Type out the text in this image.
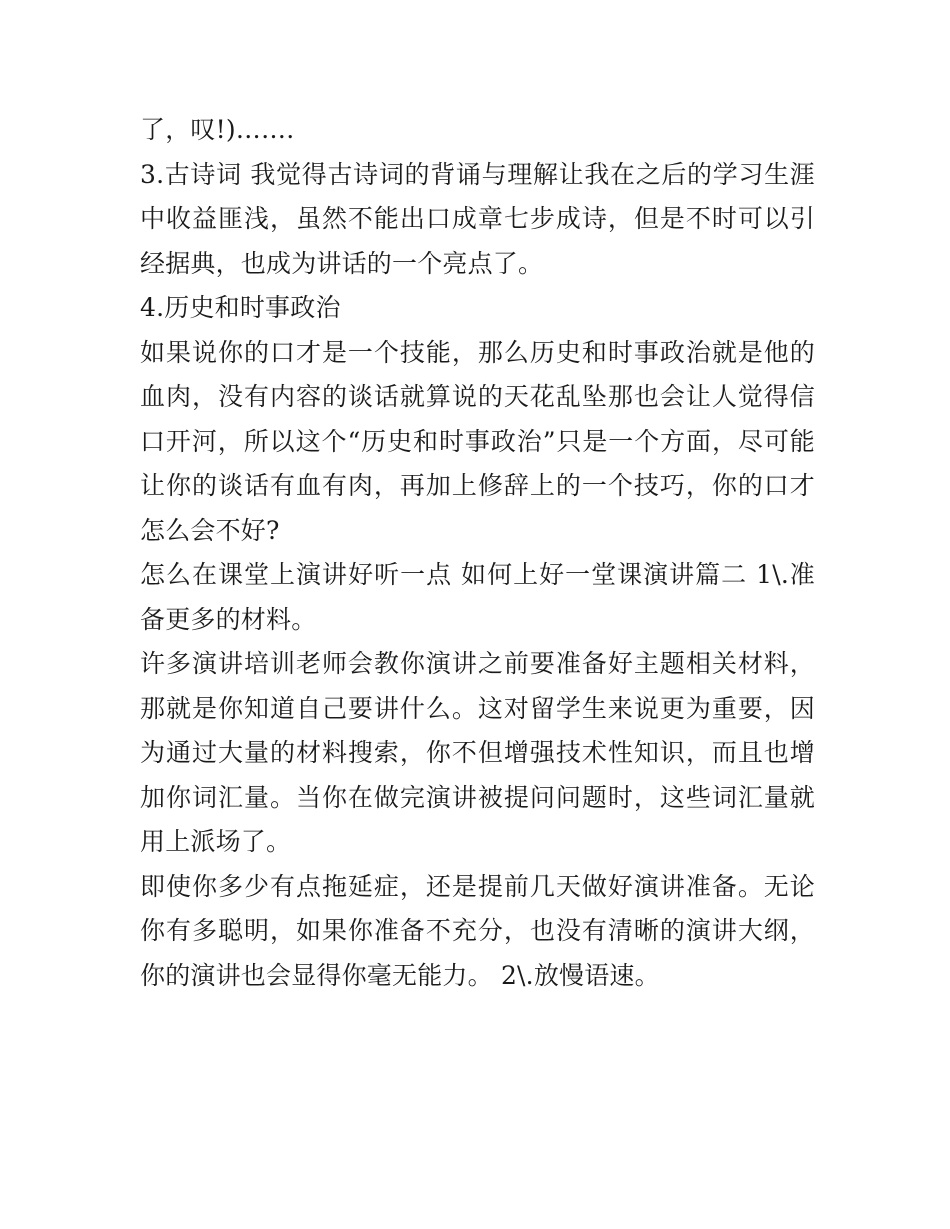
了，叹!)…….

3.古诗词 我觉得古诗词的背诵与理解让我在之后的学习生涯中收益匪浅，虽然不能出口成章七步成诗，但是不时可以引经据典，也成为讲话的一个亮点了。

4.历史和时事政治

如果说你的口才是一个技能，那么历史和时事政治就是他的血肉，没有内容的谈话就算说的天花乱坠那也会让人觉得信口开河，所以这个“历史和时事政治”只是一个方面，尽可能让你的谈话有血有肉，再加上修辞上的一个技巧，你的口才怎么会不好?

怎么在课堂上演讲好听一点 如何上好一堂课演讲篇二 1\.准备更多的材料。

许多演讲培训老师会教你演讲之前要准备好主题相关材料，那就是你知道自己要讲什么。这对留学生来说更为重要，因为通过大量的材料搜索，你不但增强技术性知识，而且也增加你词汇量。当你在做完演讲被提问问题时，这些词汇量就用上派场了。

即使你多少有点拖延症，还是提前几天做好演讲准备。无论你有多聪明，如果你准备不充分，也没有清晰的演讲大纲，你的演讲也会显得你毫无能力。 2\.放慢语速。
